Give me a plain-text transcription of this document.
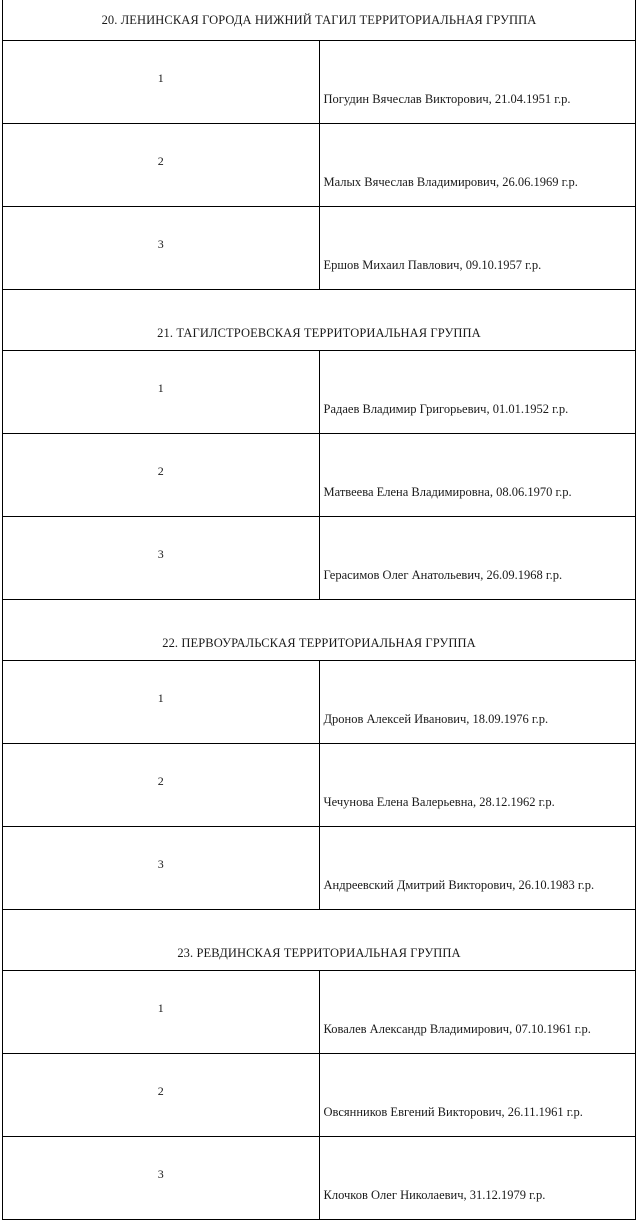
20. ЛЕНИНСКАЯ ГОРОДА НИЖНИЙ ТАГИЛ ТЕРРИТОРИАЛЬНАЯ ГРУППА	
1	Погудин Вячеслав Викторович, 21.04.1951 г.р.
2	Малых Вячеслав Владимирович, 26.06.1969 г.р.
3	Ершов Михаил Павлович, 09.10.1957 г.р.
21. ТАГИЛСТРОЕВСКАЯ ТЕРРИТОРИАЛЬНАЯ ГРУППА	
1	Радаев Владимир Григорьевич, 01.01.1952 г.р.
2	Матвеева Елена Владимировна, 08.06.1970 г.р.
3	Герасимов Олег Анатольевич, 26.09.1968 г.р.
22. ПЕРВОУРАЛЬСКАЯ ТЕРРИТОРИАЛЬНАЯ ГРУППА	
1	Дронов Алексей Иванович, 18.09.1976 г.р.
2	Чечунова Елена Валерьевна, 28.12.1962 г.р.
3	Андреевский Дмитрий Викторович, 26.10.1983 г.р.
23. РЕВДИНСКАЯ ТЕРРИТОРИАЛЬНАЯ ГРУППА	
1	Ковалев Александр Владимирович, 07.10.1961 г.р.
2	Овсянников Евгений Викторович, 26.11.1961 г.р.
3	Клочков Олег Николаевич, 31.12.1979 г.р.
